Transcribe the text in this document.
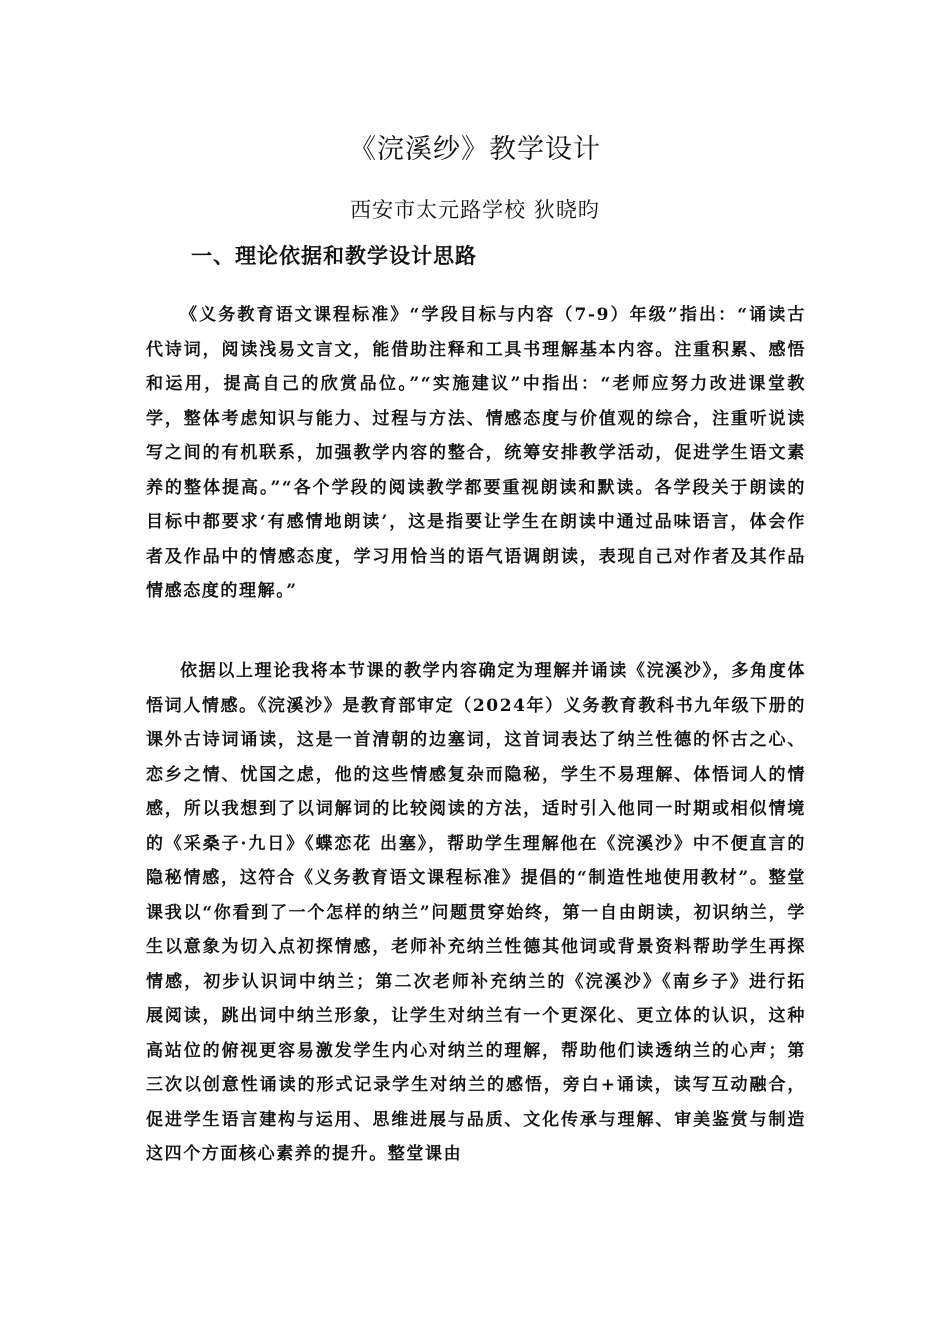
《浣溪纱》教学设计

西安市太元路学校 狄晓昀

一、理论依据和教学设计思路

《义务教育语文课程标准》“学段目标与内容（7-9）年级”指出：“诵读古代诗词，阅读浅易文言文，能借助注释和工具书理解基本内容。注重积累、感悟和运用，提高自己的欣赏品位。”“实施建议”中指出：“老师应努力改进课堂教学，整体考虑知识与能力、过程与方法、情感态度与价值观的综合，注重听说读写之间的有机联系，加强教学内容的整合，统筹安排教学活动，促进学生语文素养的整体提高。”“各个学段的阅读教学都要重视朗读和默读。各学段关于朗读的目标中都要求‘有感情地朗读’，这是指要让学生在朗读中通过品味语言，体会作者及作品中的情感态度，学习用恰当的语气语调朗读，表现自己对作者及其作品情感态度的理解。”

依据以上理论我将本节课的教学内容确定为理解并诵读《浣溪沙》，多角度体悟词人情感。《浣溪沙》是教育部审定（2024年）义务教育教科书九年级下册的课外古诗词诵读，这是一首清朝的边塞词，这首词表达了纳兰性德的怀古之心、恋乡之情、忧国之虑，他的这些情感复杂而隐秘，学生不易理解、体悟词人的情感，所以我想到了以词解词的比较阅读的方法，适时引入他同一时期或相似情境的《采桑子·九日》《蝶恋花 出塞》，帮助学生理解他在《浣溪沙》中不便直言的隐秘情感，这符合《义务教育语文课程标准》提倡的“制造性地使用教材”。整堂课我以“你看到了一个怎样的纳兰”问题贯穿始终，第一自由朗读，初识纳兰，学生以意象为切入点初探情感，老师补充纳兰性德其他词或背景资料帮助学生再探情感，初步认识词中纳兰；第二次老师补充纳兰的《浣溪沙》《南乡子》进行拓展阅读，跳出词中纳兰形象，让学生对纳兰有一个更深化、更立体的认识，这种高站位的俯视更容易激发学生内心对纳兰的理解，帮助他们读透纳兰的心声；第三次以创意性诵读的形式记录学生对纳兰的感悟，旁白+诵读，读写互动融合，促进学生语言建构与运用、思维进展与品质、文化传承与理解、审美鉴赏与制造这四个方面核心素养的提升。整堂课由
